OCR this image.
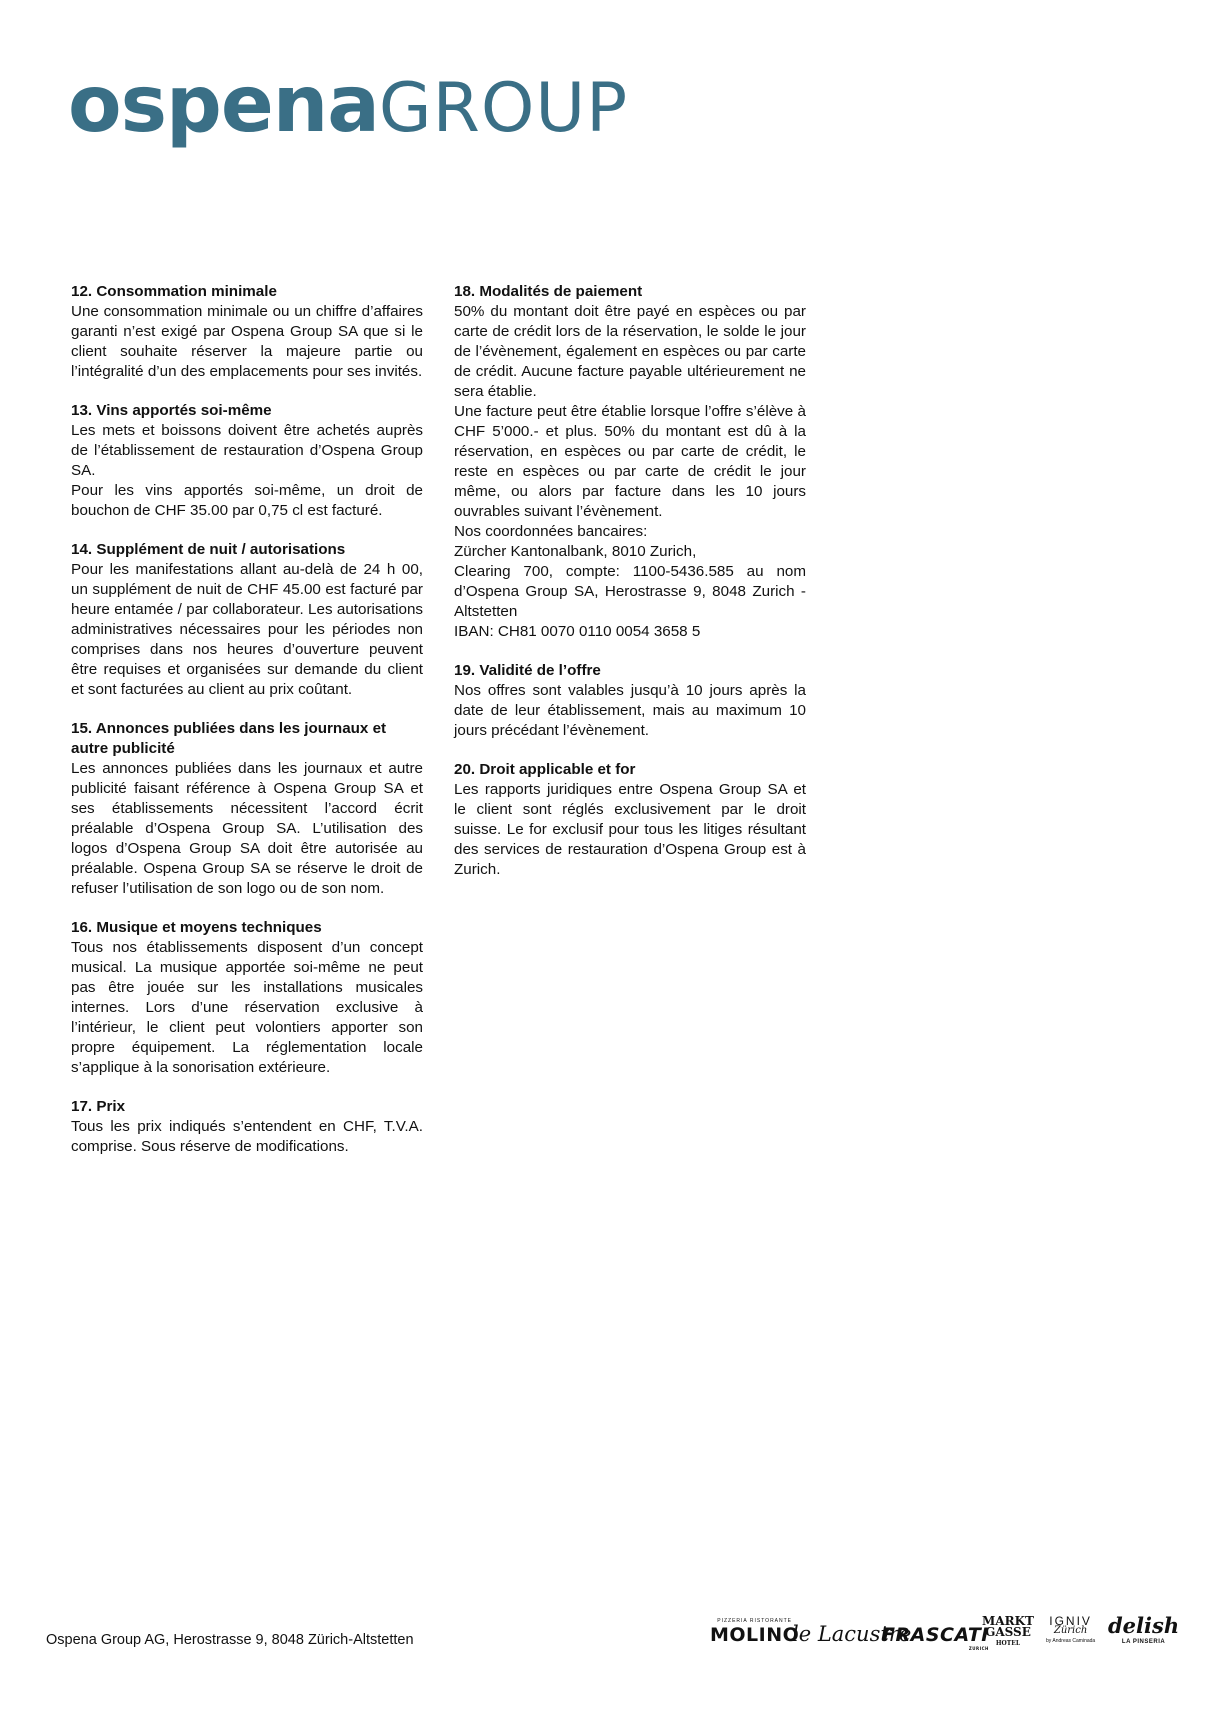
ospenaGROUP
12. Consommation minimale

Une consommation minimale ou un chiffre d’affaires garanti n’est exigé par Ospena Group SA que si le client souhaite réserver la majeure partie ou l’intégralité d’un des emplacements pour ses invités.

13. Vins apportés soi-même

Les mets et boissons doivent être achetés auprès de l’établissement de restauration d’Ospena Group SA.
Pour les vins apportés soi-même, un droit de bouchon de CHF 35.00 par 0,75 cl est facturé.

14. Supplément de nuit / autorisations

Pour les manifestations allant au-delà de 24 h 00, un supplément de nuit de CHF 45.00 est facturé par heure entamée / par collaborateur. Les autorisations administratives nécessaires pour les périodes non comprises dans nos heures d’ouverture peuvent être requises et organisées sur demande du client et sont facturées au client au prix coûtant.

15. Annonces publiées dans les journaux et autre publicité

Les annonces publiées dans les journaux et autre publicité faisant référence à Ospena Group SA et ses établissements nécessitent l’accord écrit préalable d’Ospena Group SA. L’utilisation des logos d’Ospena Group SA doit être autorisée au préalable. Ospena Group SA se réserve le droit de refuser l’utilisation de son logo ou de son nom.

16. Musique et moyens techniques

Tous nos établissements disposent d’un concept musical. La musique apportée soi-même ne peut pas être jouée sur les installations musicales internes. Lors d’une réservation exclusive à l’intérieur, le client peut volontiers apporter son propre équipement. La réglementation locale s’applique à la sonorisation extérieure.

17. Prix

Tous les prix indiqués s’entendent en CHF, T.V.A. comprise. Sous réserve de modifications.

18. Modalités de paiement

50% du montant doit être payé en espèces ou par carte de crédit lors de la réservation, le solde le jour de l’évènement, également en espèces ou par carte de crédit. Aucune facture payable ultérieurement ne sera établie.
Une facture peut être établie lorsque l’offre s’élève à CHF 5’000.- et plus. 50% du montant est dû à la réservation, en espèces ou par carte de crédit, le reste en espèces ou par carte de crédit le jour même, ou alors par facture dans les 10 jours ouvrables suivant l’évènement.
Nos coordonnées bancaires:
Zürcher Kantonalbank, 8010 Zurich,
Clearing 700, compte: 1100-5436.585 au nom d’Ospena Group SA, Herostrasse 9, 8048 Zurich - Altstetten
IBAN: CH81 0070 0110 0054 3658 5

19. Validité de l’offre

Nos offres sont valables jusqu’à 10 jours après la date de leur établissement, mais au maximum 10 jours précédant l’évènement.

20. Droit applicable et for

Les rapports juridiques entre Ospena Group SA et le client sont réglés exclusivement par le droit suisse. Le for exclusif pour tous les litiges résultant des services de restauration d’Ospena Group est à Zurich.

Ospena Group AG, Herostrasse 9, 8048 Zürich-Altstetten
PIZZERIA RISTORANTE
MOLINO
le Lacustre
FRASCATI
ZURICH
MARKT
GASSE
HOTEL
IGNIV
Zürich
by Andreas Caminada
delish
LA PINSERIA
